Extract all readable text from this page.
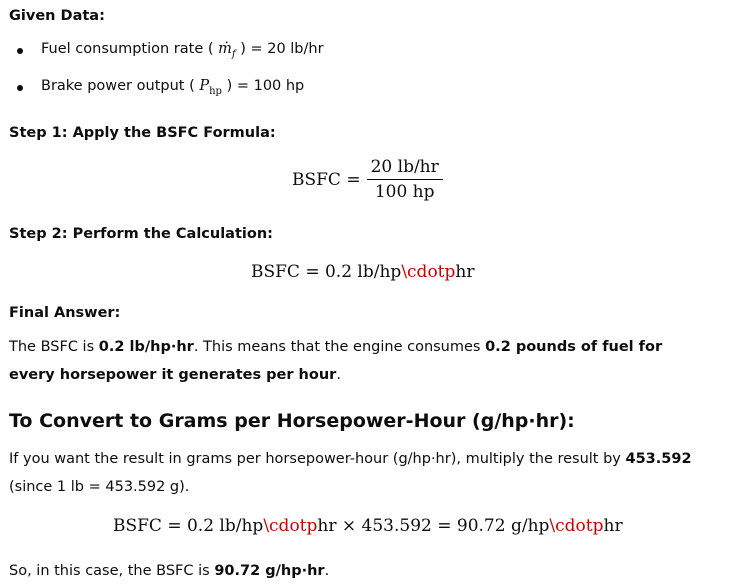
Given Data:
Fuel consumption rate ( ṁ$_f$ ) = 20 lb/hr
Brake power output ( $P_{hp}$ ) = 100 hp
Step 1: Apply the BSFC Formula:
BSFC = $\frac{20 lb/hr}{100 hp}$
Step 2: Perform the Calculation:
BSFC = 0.2 lb/hp\cdotphr
Final Answer:
The BSFC is 0.2 lb/hp·hr. This means that the engine consumes 0.2 pounds of fuel for every horsepower it generates per hour.
To Convert to Grams per Horsepower-Hour (g/hp·hr):
If you want the result in grams per horsepower-hour (g/hp·hr), multiply the result by 453.592 (since 1 lb = 453.592 g).
BSFC = 0.2 lb/hp\cdotphr × 453.592 = 90.72 g/hp\cdotphr
So, in this case, the BSFC is 90.72 g/hp·hr.
